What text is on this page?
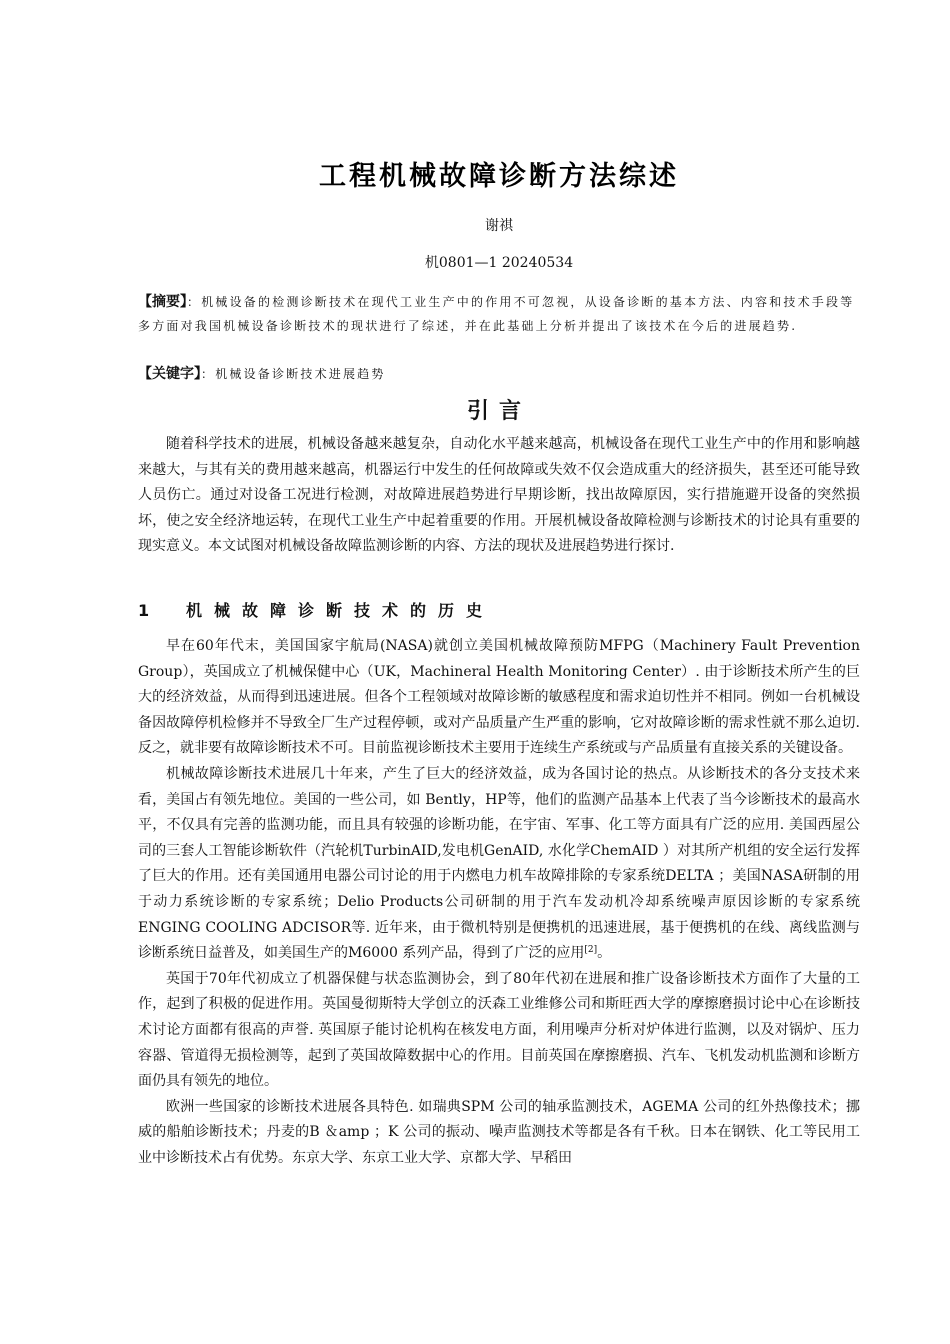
工程机械故障诊断方法综述
谢祺
机0801—1 20240534
【摘要】：机械设备的检测诊断技术在现代工业生产中的作用不可忽视，从设备诊断的基本方法、内容和技术手段等多方面对我国机械设备诊断技术的现状进行了综述，并在此基础上分析并提出了该技术在今后的进展趋势.
【关键字】：机械设备诊断技术进展趋势
引言

随着科学技术的进展，机械设备越来越复杂，自动化水平越来越高，机械设备在现代工业生产中的作用和影响越来越大，与其有关的费用越来越高，机器运行中发生的任何故障或失效不仅会造成重大的经济损失，甚至还可能导致人员伤亡。通过对设备工况进行检测，对故障进展趋势进行早期诊断，找出故障原因，实行措施避开设备的突然损坏，使之安全经济地运转，在现代工业生产中起着重要的作用。开展机械设备故障检测与诊断技术的讨论具有重要的现实意义。本文试图对机械设备故障监测诊断的内容、方法的现状及进展趋势进行探讨.

1 机械故障诊断技术的历史

早在60年代末，美国国家宇航局(NASA)就创立美国机械故障预防MFPG（Machinery Fault Prevention Group），英国成立了机械保健中心（UK，Machineral Health Monitoring Center）. 由于诊断技术所产生的巨大的经济效益，从而得到迅速进展。但各个工程领域对故障诊断的敏感程度和需求迫切性并不相同。例如一台机械设备因故障停机检修并不导致全厂生产过程停顿，或对产品质量产生严重的影响，它对故障诊断的需求性就不那么迫切. 反之，就非要有故障诊断技术不可。目前监视诊断技术主要用于连续生产系统或与产品质量有直接关系的关键设备。

机械故障诊断技术进展几十年来，产生了巨大的经济效益，成为各国讨论的热点。从诊断技术的各分支技术来看，美国占有领先地位。美国的一些公司，如 Bently，HP等，他们的监测产品基本上代表了当今诊断技术的最高水平，不仅具有完善的监测功能，而且具有较强的诊断功能，在宇宙、军事、化工等方面具有广泛的应用. 美国西屋公司的三套人工智能诊断软件（汽轮机TurbinAID,发电机GenAID, 水化学ChemAID ）对其所产机组的安全运行发挥了巨大的作用。还有美国通用电器公司讨论的用于内燃电力机车故障排除的专家系统DELTA ；美国NASA研制的用于动力系统诊断的专家系统；Delio Products公司研制的用于汽车发动机冷却系统噪声原因诊断的专家系统ENGING COOLING ADCISOR等. 近年来，由于微机特别是便携机的迅速进展，基于便携机的在线、离线监测与诊断系统日益普及，如美国生产的M6000 系列产品，得到了广泛的应用[2]。

英国于70年代初成立了机器保健与状态监测协会，到了80年代初在进展和推广设备诊断技术方面作了大量的工作，起到了积极的促进作用。英国曼彻斯特大学创立的沃森工业维修公司和斯旺西大学的摩擦磨损讨论中心在诊断技术讨论方面都有很高的声誉. 英国原子能讨论机构在核发电方面，利用噪声分析对炉体进行监测，以及对锅炉、压力容器、管道得无损检测等，起到了英国故障数据中心的作用。目前英国在摩擦磨损、汽车、飞机发动机监测和诊断方面仍具有领先的地位。

欧洲一些国家的诊断技术进展各具特色. 如瑞典SPM 公司的轴承监测技术，AGEMA 公司的红外热像技术；挪威的船舶诊断技术；丹麦的B ＆amp ；K 公司的振动、噪声监测技术等都是各有千秋。日本在钢铁、化工等民用工业中诊断技术占有优势。东京大学、东京工业大学、京都大学、早稻田
